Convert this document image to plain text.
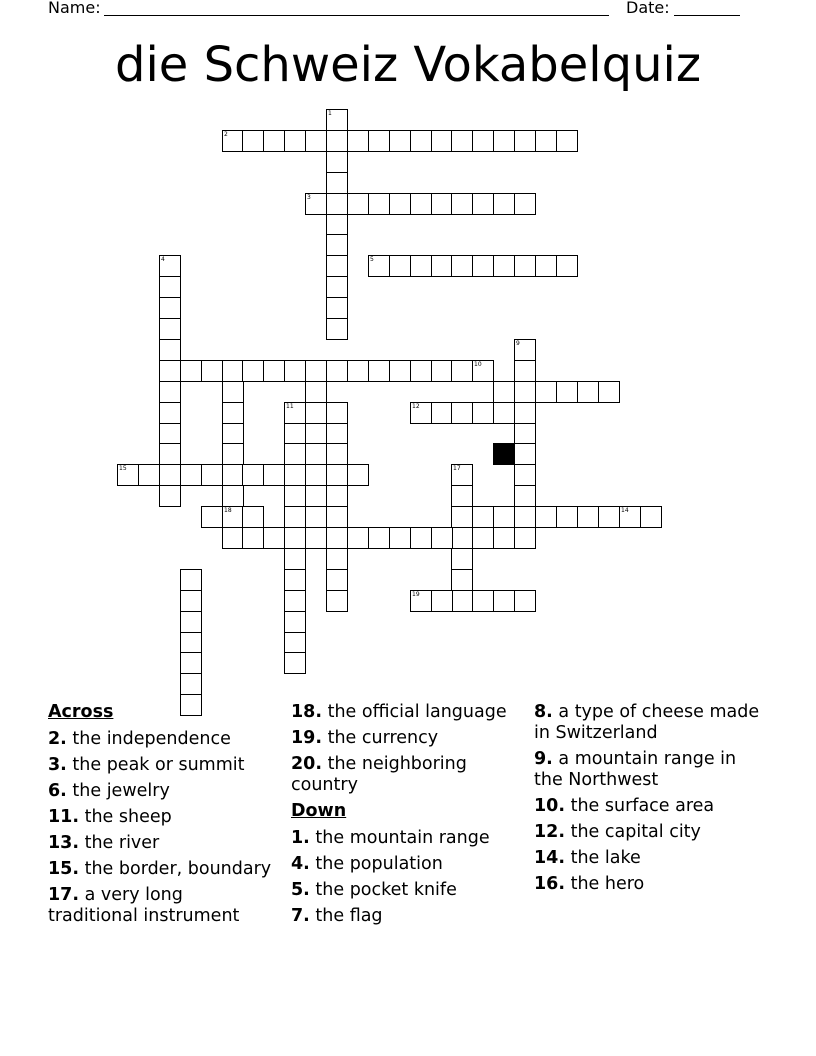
Name:	Date:
die Schweiz Vokabelquiz
1
2
3
4	5
10
18
9
11	12
15	17
14
19
Across
2. the independence
3. the peak or summit
6. the jewelry
11. the sheep
13. the river
15. the border, boundary
17. a very long traditional instrument
18. the official language
19. the currency
20. the neighboring country
Down
1. the mountain range
4. the population
5. the pocket knife
7. the flag
8. a type of cheese made in Switzerland
9. a mountain range in the Northwest
10. the surface area
12. the capital city
14. the lake
16. the hero
